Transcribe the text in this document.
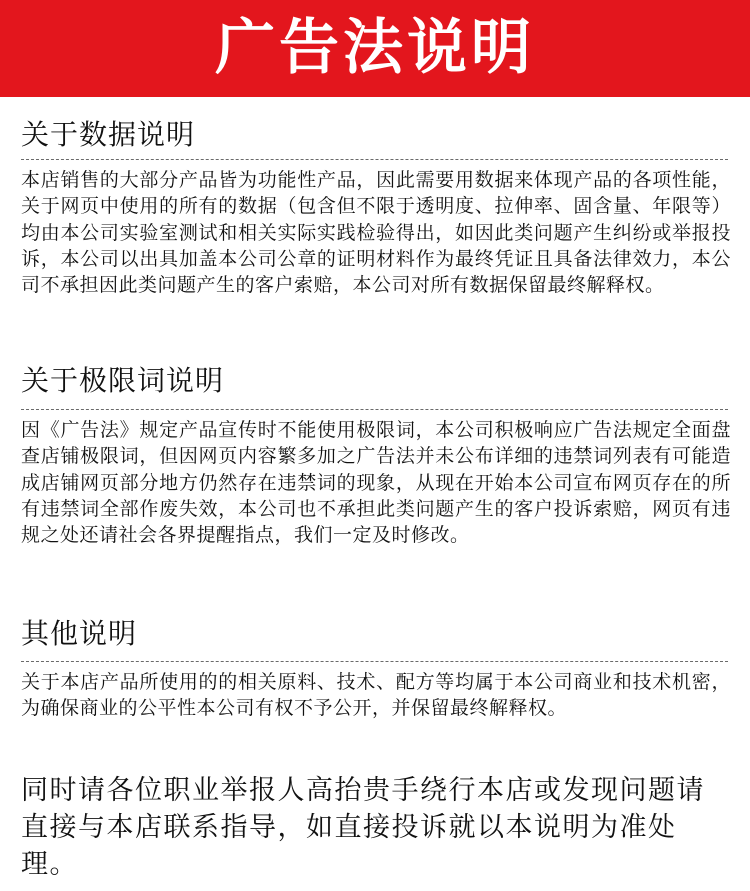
广告法说明
关于数据说明
本店销售的大部分产品皆为功能性产品，因此需要用数据来体现产品的各项性能，关于网页中使用的所有的数据（包含但不限于透明度、拉伸率、固含量、年限等）均由本公司实验室测试和相关实际实践检验得出，如因此类问题产生纠纷或举报投诉，本公司以出具加盖本公司公章的证明材料作为最终凭证且具备法律效力，本公司不承担因此类问题产生的客户索赔，本公司对所有数据保留最终解释权。
关于极限词说明
因《广告法》规定产品宣传时不能使用极限词，本公司积极响应广告法规定全面盘查店铺极限词，但因网页内容繁多加之广告法并未公布详细的违禁词列表有可能造成店铺网页部分地方仍然存在违禁词的现象，从现在开始本公司宣布网页存在的所有违禁词全部作废失效，本公司也不承担此类问题产生的客户投诉索赔，网页有违规之处还请社会各界提醒指点，我们一定及时修改。
其他说明
关于本店产品所使用的的相关原料、技术、配方等均属于本公司商业和技术机密，为确保商业的公平性本公司有权不予公开，并保留最终解释权。
同时请各位职业举报人高抬贵手绕行本店或发现问题请直接与本店联系指导，如直接投诉就以本说明为准处理。
